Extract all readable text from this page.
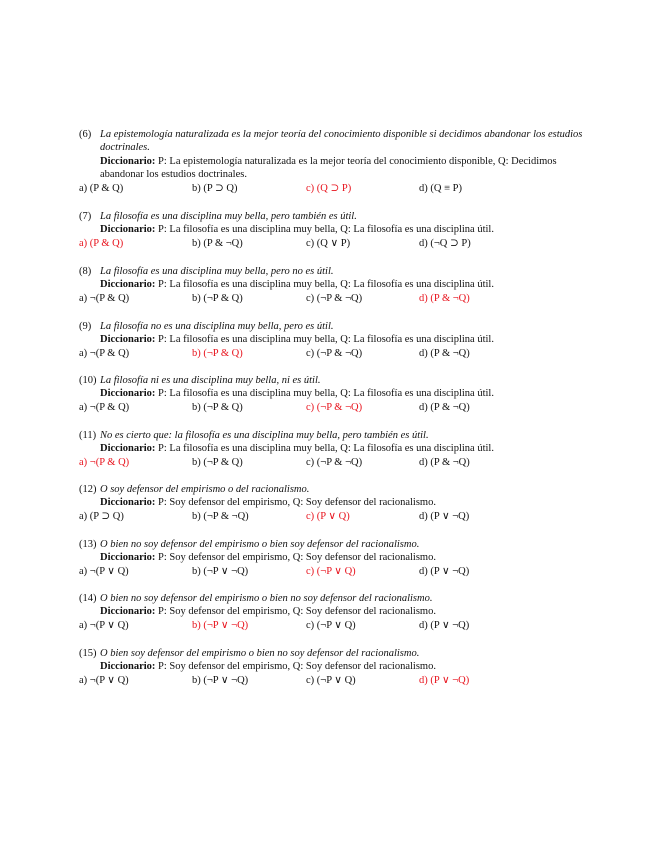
(6) La epistemología naturalizada es la mejor teoría del conocimiento disponible si decidimos abandonar los estudios doctrinales.
Diccionario: P: La epistemología naturalizada es la mejor teoría del conocimiento disponible, Q: Decidimos abandonar los estudios doctrinales.
a) (P & Q)	b) (P ⊃ Q)	c) (Q ⊃ P)	d) (Q ≡ P)
(7) La filosofía es una disciplina muy bella, pero también es útil.
Diccionario: P: La filosofía es una disciplina muy bella, Q: La filosofía es una disciplina útil.
a) (P & Q)	b) (P & ¬Q)	c) (Q ∨ P)	d) (¬Q ⊃ P)
(8) La filosofía es una disciplina muy bella, pero no es útil.
Diccionario: P: La filosofía es una disciplina muy bella, Q: La filosofía es una disciplina útil.
a) ¬(P & Q)	b) (¬P & Q)	c) (¬P & ¬Q)	d) (P & ¬Q)
(9) La filosofía no es una disciplina muy bella, pero es útil.
Diccionario: P: La filosofía es una disciplina muy bella, Q: La filosofía es una disciplina útil.
a) ¬(P & Q)	b) (¬P & Q)	c) (¬P & ¬Q)	d) (P & ¬Q)
(10) La filosofía ni es una disciplina muy bella, ni es útil.
Diccionario: P: La filosofía es una disciplina muy bella, Q: La filosofía es una disciplina útil.
a) ¬(P & Q)	b) (¬P & Q)	c) (¬P & ¬Q)	d) (P & ¬Q)
(11) No es cierto que: la filosofía es una disciplina muy bella, pero también es útil.
Diccionario: P: La filosofía es una disciplina muy bella, Q: La filosofía es una disciplina útil.
a) ¬(P & Q)	b) (¬P & Q)	c) (¬P & ¬Q)	d) (P & ¬Q)
(12) O soy defensor del empirismo o del racionalismo.
Diccionario: P: Soy defensor del empirismo, Q: Soy defensor del racionalismo.
a) (P ⊃ Q)	b) (¬P & ¬Q)	c) (P ∨ Q)	d) (P ∨ ¬Q)
(13) O bien no soy defensor del empirismo o bien soy defensor del racionalismo.
Diccionario: P: Soy defensor del empirismo, Q: Soy defensor del racionalismo.
a) ¬(P ∨ Q)	b) (¬P ∨ ¬Q)	c) (¬P ∨ Q)	d) (P ∨ ¬Q)
(14) O bien no soy defensor del empirismo o bien no soy defensor del racionalismo.
Diccionario: P: Soy defensor del empirismo, Q: Soy defensor del racionalismo.
a) ¬(P ∨ Q)	b) (¬P ∨ ¬Q)	c) (¬P ∨ Q)	d) (P ∨ ¬Q)
(15) O bien soy defensor del empirismo o bien no soy defensor del racionalismo.
Diccionario: P: Soy defensor del empirismo, Q: Soy defensor del racionalismo.
a) ¬(P ∨ Q)	b) (¬P ∨ ¬Q)	c) (¬P ∨ Q)	d) (P ∨ ¬Q)
